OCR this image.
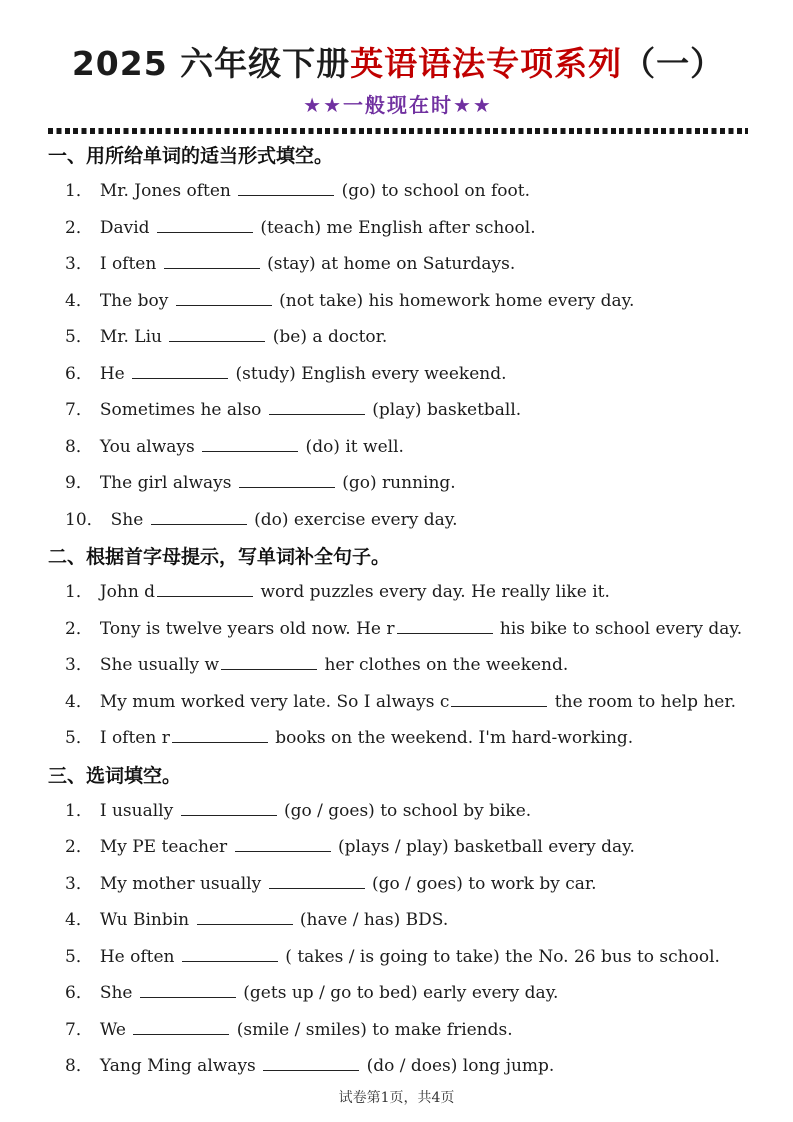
2025 六年级下册英语语法专项系列（一）
★★一般现在时★★
一、用所给单词的适当形式填空。
1． Mr. Jones often	(go) to school on foot.
2． David	(teach) me English after school.
3． I often	(stay) at home on Saturdays.
4． The boy	(not take) his homework home every day.
5． Mr. Liu	(be) a doctor.
6． He	(study) English every weekend.
7． Sometimes he also	(play) basketball.
8． You always	(do) it well.
9． The girl always	(go) running.
10． She	(do) exercise every day.
二、根据首字母提示，写单词补全句子。
1． John d	word puzzles every day. He really like it.
2． Tony is twelve years old now. He r	his bike to school every day.
3． She usually w	her clothes on the weekend.
4． My mum worked very late. So I always c	the room to help her.
5． I often r	books on the weekend. I'm hard-working.
三、选词填空。
1． I usually	(go / goes) to school by bike.
2． My PE teacher	(plays / play) basketball every day.
3． My mother usually	(go / goes) to work by car.
4． Wu Binbin	(have / has) BDS.
5． He often	( takes / is going to take) the No. 26 bus to school.
6． She	(gets up / go to bed) early every day.
7． We	(smile / smiles) to make friends.
8． Yang Ming always	(do / does) long jump.
试卷第1页，共4页
